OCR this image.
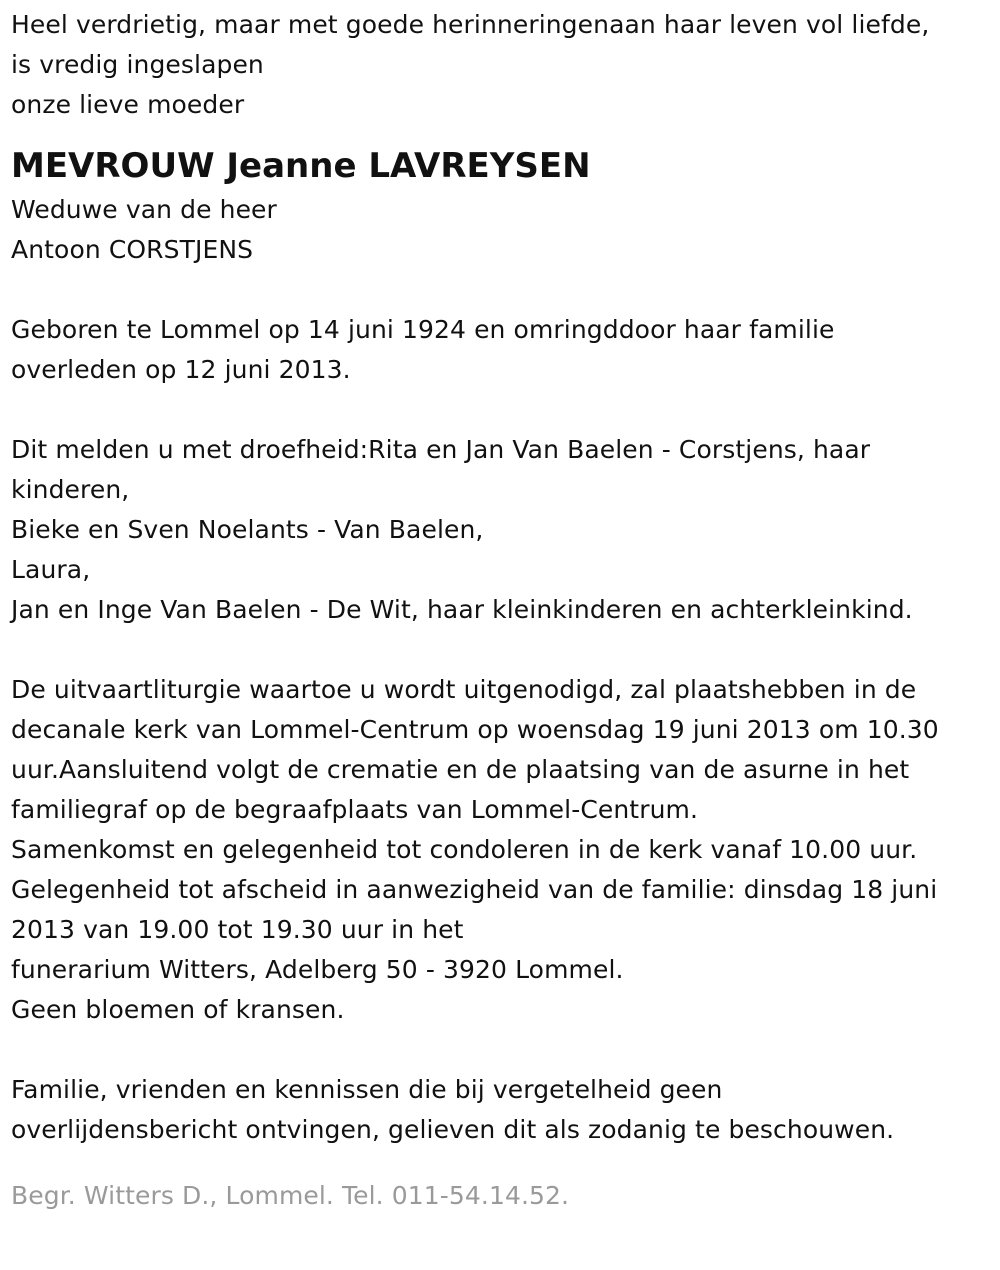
Heel verdrietig, maar met goede herinneringenaan haar leven vol liefde,
is vredig ingeslapen
onze lieve moeder
MEVROUW Jeanne LAVREYSEN
Weduwe van de heer
Antoon CORSTJENS
Geboren te Lommel op 14 juni 1924 en omringddoor haar familie
overleden op 12 juni 2013.
Dit melden u met droefheid:Rita en Jan Van Baelen - Corstjens, haar
kinderen,
Bieke en Sven Noelants - Van Baelen,
Laura,
Jan en Inge Van Baelen - De Wit, haar kleinkinderen en achterkleinkind.
De uitvaartliturgie waartoe u wordt uitgenodigd, zal plaatshebben in de
decanale kerk van Lommel-Centrum op woensdag 19 juni 2013 om 10.30
uur.Aansluitend volgt de crematie en de plaatsing van de asurne in het
familiegraf op de begraafplaats van Lommel-Centrum.
Samenkomst en gelegenheid tot condoleren in de kerk vanaf 10.00 uur.
Gelegenheid tot afscheid in aanwezigheid van de familie: dinsdag 18 juni
2013 van 19.00 tot 19.30 uur in het
funerarium Witters, Adelberg 50 - 3920 Lommel.
Geen bloemen of kransen.
Familie, vrienden en kennissen die bij vergetelheid geen
overlijdensbericht ontvingen, gelieven dit als zodanig te beschouwen.
Begr. Witters D., Lommel. Tel. 011-54.14.52.
